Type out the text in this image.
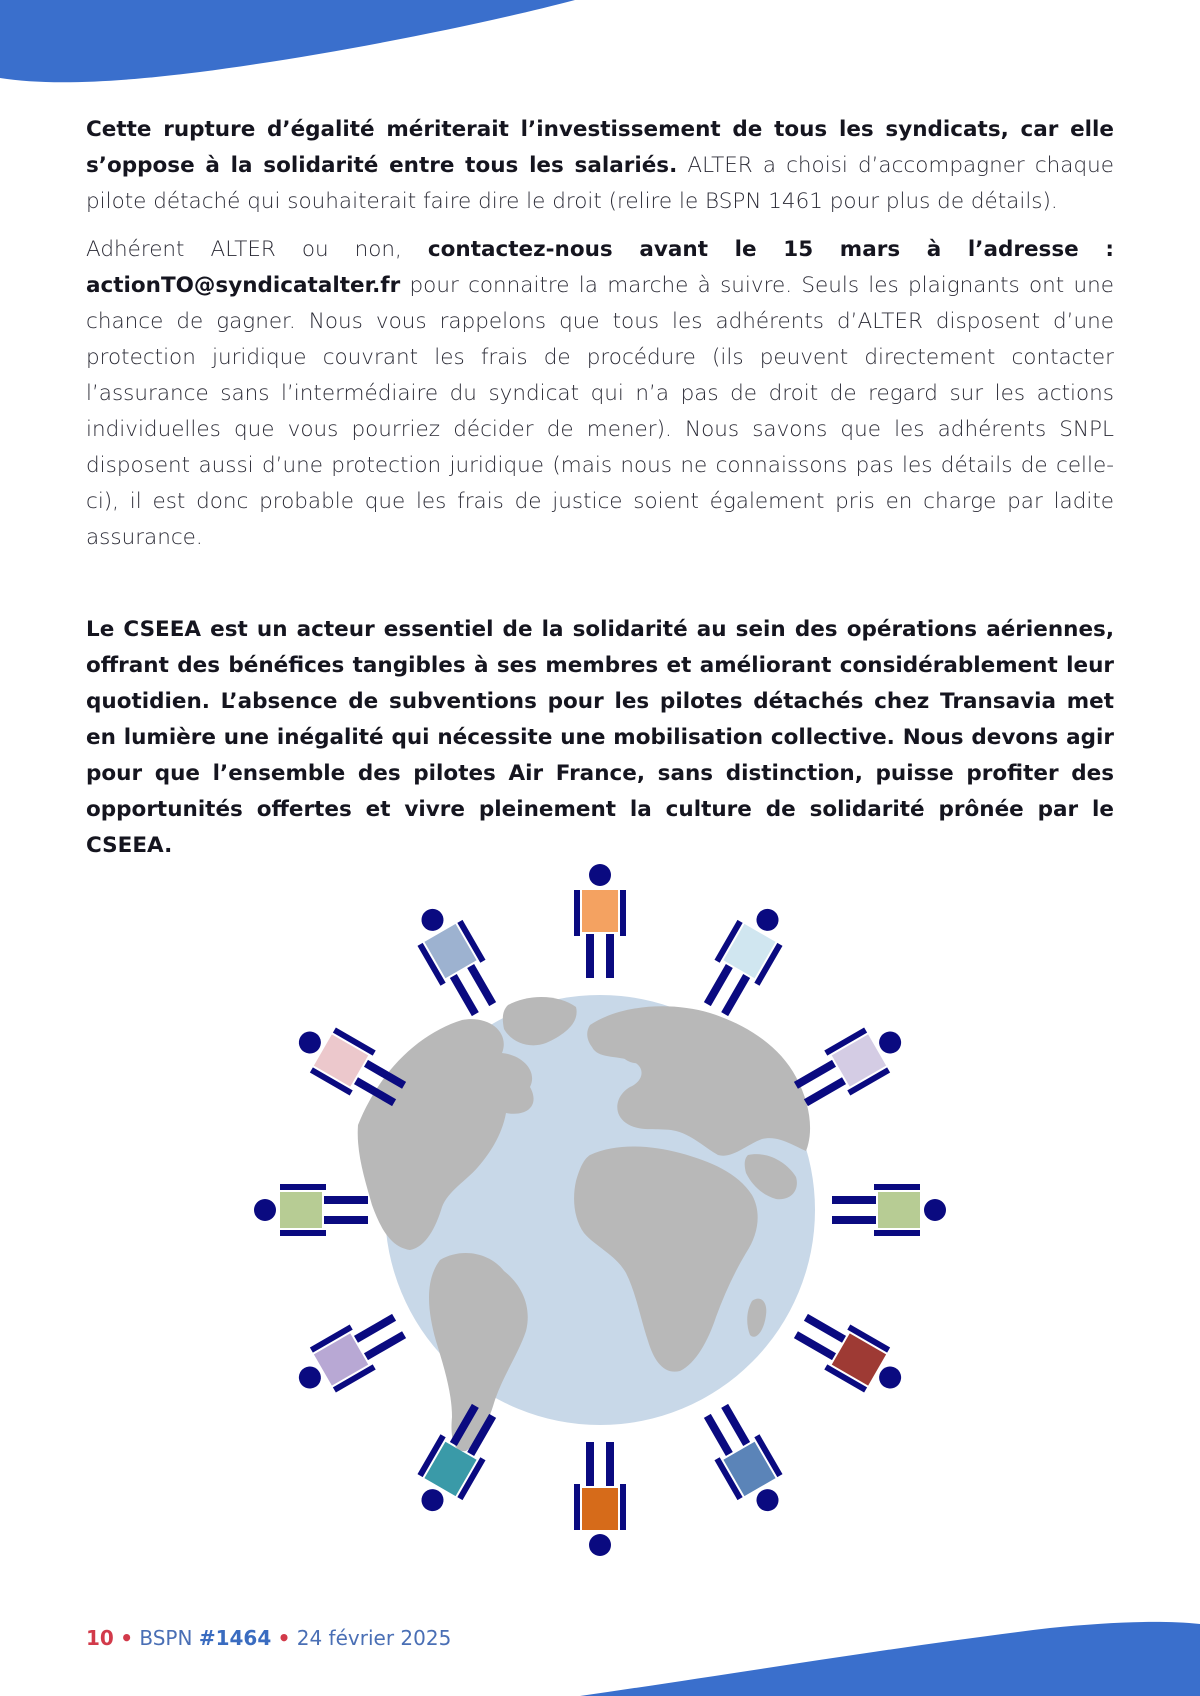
Cette rupture d’égalité mériterait l’investissement de tous les syndicats, car elle s’oppose à la solidarité entre tous les salariés. ALTER a choisi d’accompagner chaque pilote détaché qui souhaiterait faire dire le droit (relire le BSPN 1461 pour plus de détails).

Adhérent ALTER ou non, contactez-nous avant le 15 mars à l’adresse : actionTO@syndicatalter.fr pour connaitre la marche à suivre. Seuls les plaignants ont une chance de gagner. Nous vous rappelons que tous les adhérents d’ALTER disposent d’une protection juridique couvrant les frais de procédure (ils peuvent directement contacter l’assurance sans l’intermédiaire du syndicat qui n’a pas de droit de regard sur les actions individuelles que vous pourriez décider de mener). Nous savons que les adhérents SNPL disposent aussi d’une protection juridique (mais nous ne connaissons pas les détails de celle-ci), il est donc probable que les frais de justice soient également pris en charge par ladite assurance.

Le CSEEA est un acteur essentiel de la solidarité au sein des opérations aériennes, offrant des bénéfices tangibles à ses membres et améliorant considérablement leur quotidien. L’absence de subventions pour les pilotes détachés chez Transavia met en lumière une inégalité qui nécessite une mobilisation collective. Nous devons agir pour que l’ensemble des pilotes Air France, sans distinction, puisse profiter des opportunités offertes et vivre pleinement la culture de solidarité prônée par le CSEEA.

10 • BSPN #1464 • 24 février 2025
